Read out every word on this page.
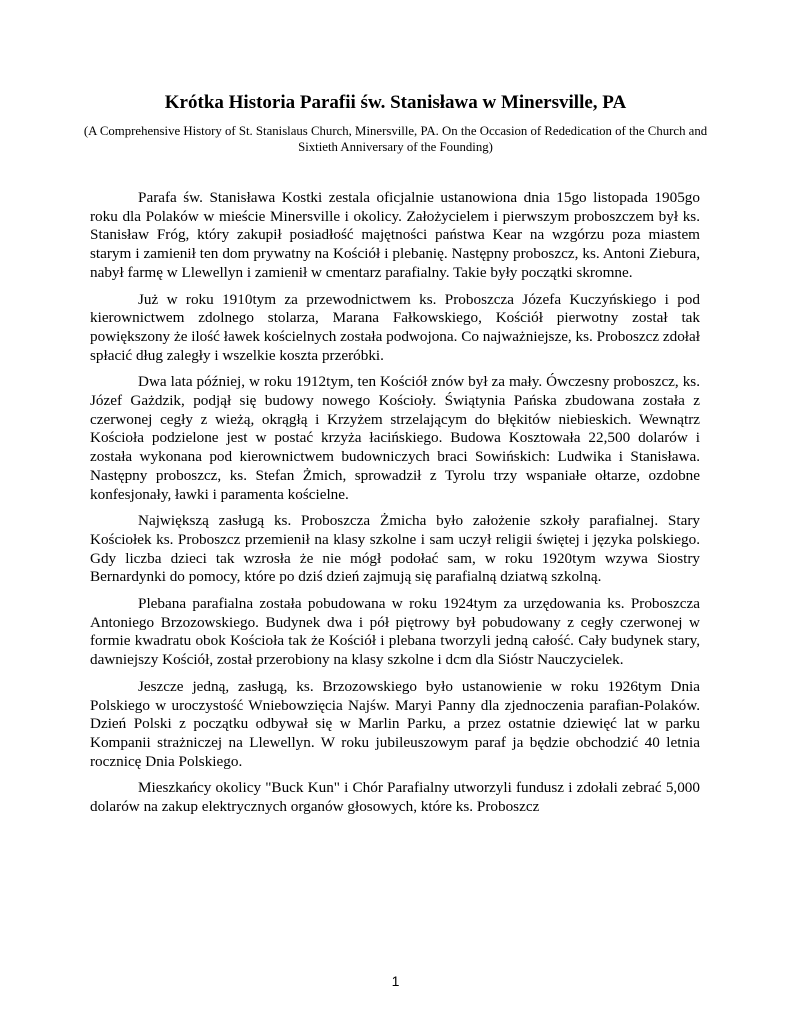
Krótka Historia Parafii św. Stanisława w Minersville, PA

(A Comprehensive History of St. Stanislaus Church, Minersville, PA. On the Occasion of Rededication of the Church and Sixtieth Anniversary of the Founding)

Parafa św. Stanisława Kostki zestala oficjalnie ustanowiona dnia 15go listopada 1905go roku dla Polaków w mieście Minersville i okolicy. Założycielem i pierwszym proboszczem był ks. Stanisław Fróg, który zakupił posiadłość majętności państwa Kear na wzgórzu poza miastem starym i zamienił ten dom prywatny na Kościół i plebanię. Następny proboszcz, ks. Antoni Ziebura, nabył farmę w Llewellyn i zamienił w cmentarz parafialny. Takie były początki skromne.

Już w roku 1910tym za przewodnictwem ks. Proboszcza Józefa Kuczyńskiego i pod kierownictwem zdolnego stolarza, Marana Fałkowskiego, Kościół pierwotny został tak powiększony że ilość ławek kościelnych została podwojona. Co najważniejsze, ks. Proboszcz zdołał spłacić dług zaległy i wszelkie koszta przeróbki.

Dwa lata później, w roku 1912tym, ten Kościół znów był za mały. Ówczesny proboszcz, ks. Józef Gażdzik, podjął się budowy nowego Kościoły. Świątynia Pańska zbudowana została z czerwonej cegły z wieżą, okrągłą i Krzyżem strzelającym do błękitów niebieskich. Wewnątrz Kościoła podzielone jest w postać krzyża łacińskiego. Budowa Kosztowała 22,500 dolarów i została wykonana pod kierownictwem budowniczych braci Sowińskich: Ludwika i Stanisława. Następny proboszcz, ks. Stefan Żmich, sprowadził z Tyrolu trzy wspaniałe ołtarze, ozdobne konfesjonały, ławki i paramenta kościelne.

Największą zasługą ks. Proboszcza Żmicha było założenie szkoły parafialnej. Stary Kościołek ks. Proboszcz przemienił na klasy szkolne i sam uczył religii świętej i języka polskiego. Gdy liczba dzieci tak wzrosła że nie mógł podołać sam, w roku 1920tym wzywa Siostry Bernardynki do pomocy, które po dziś dzień zajmują się parafialną dziatwą szkolną.

Plebana parafialna została pobudowana w roku 1924tym za urzędowania ks. Proboszcza Antoniego Brzozowskiego. Budynek dwa i pół piętrowy był pobudowany z cegły czerwonej w formie kwadratu obok Kościoła tak że Kościół i plebana tworzyli jedną całość. Cały budynek stary, dawniejszy Kościół, został przerobiony na klasy szkolne i dcm dla Sióstr Nauczycielek.

Jeszcze jedną, zasługą, ks. Brzozowskiego było ustanowienie w roku 1926tym Dnia Polskiego w uroczystość Wniebowzięcia Najśw. Maryi Panny dla zjednoczenia parafian-Polaków. Dzień Polski z początku odbywał się w Marlin Parku, a przez ostatnie dziewięć lat w parku Kompanii strażniczej na Llewellyn. W roku jubileuszowym paraf ja będzie obchodzić 40 letnia rocznicę Dnia Polskiego.

Mieszkańcy okolicy "Buck Kun" i Chór Parafialny utworzyli fundusz i zdołali zebrać 5,000 dolarów na zakup elektrycznych organów głosowych, które ks. Proboszcz

1
